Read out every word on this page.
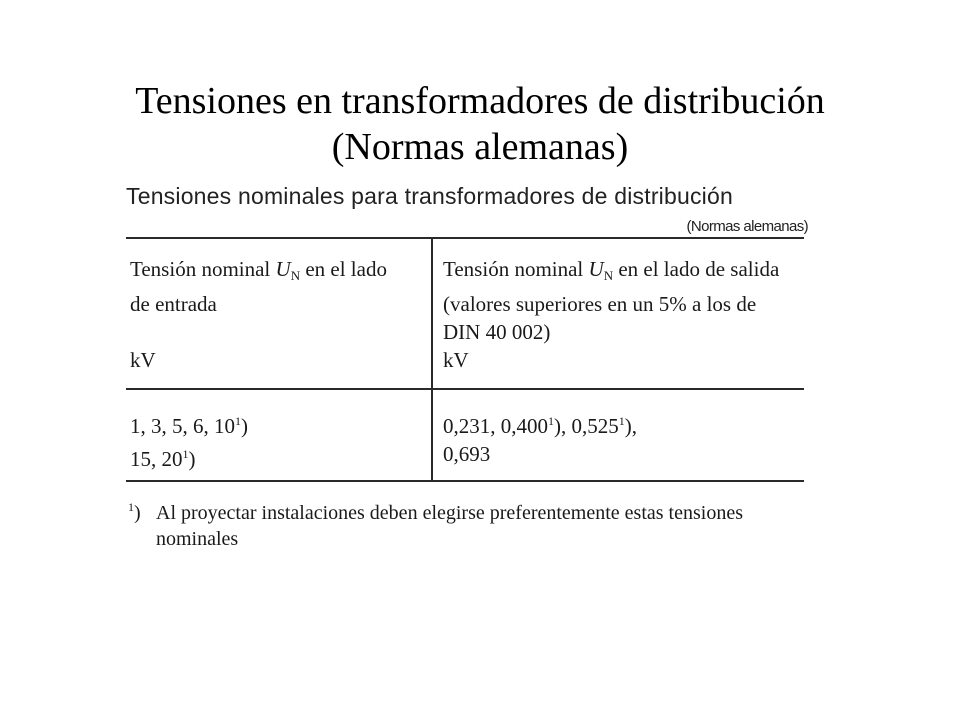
Tensiones en transformadores de distribución
(Normas alemanas)
Tensiones nominales para transformadores de distribución
(Normas alemanas)
Tensión nominal $U_N$ en el lado
de entrada
kV
Tensión nominal $U_N$ en el lado de salida
(valores superiores en un 5% a los de
DIN 40 002)
kV
1, 3, 5, 6, $10^1$)
15, $20^1$)
0,231, 0,400$^1$), 0,525$^1$),
0,693
$^1$) Al proyectar instalaciones deben elegirse preferentemente estas tensiones
nominales
